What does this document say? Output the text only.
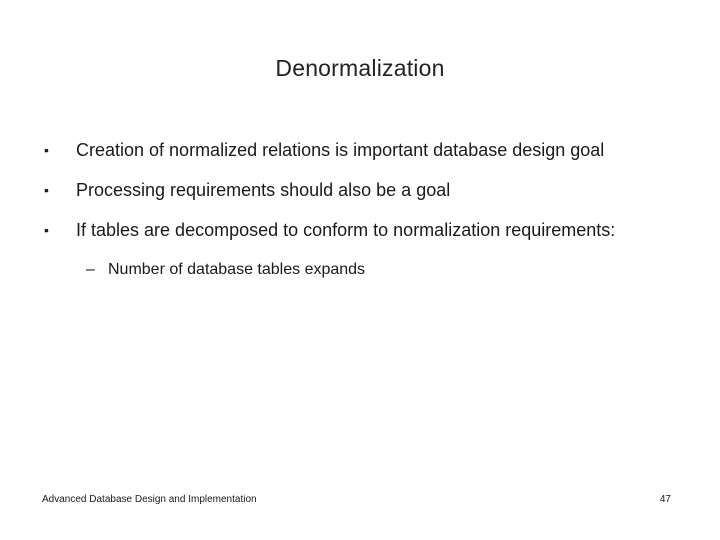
Denormalization
• Creation of normalized relations is important database design goal
• Processing requirements should also be a goal
• If tables are decomposed to conform to normalization requirements:
– Number of database tables expands
Advanced Database Design and Implementation	47
